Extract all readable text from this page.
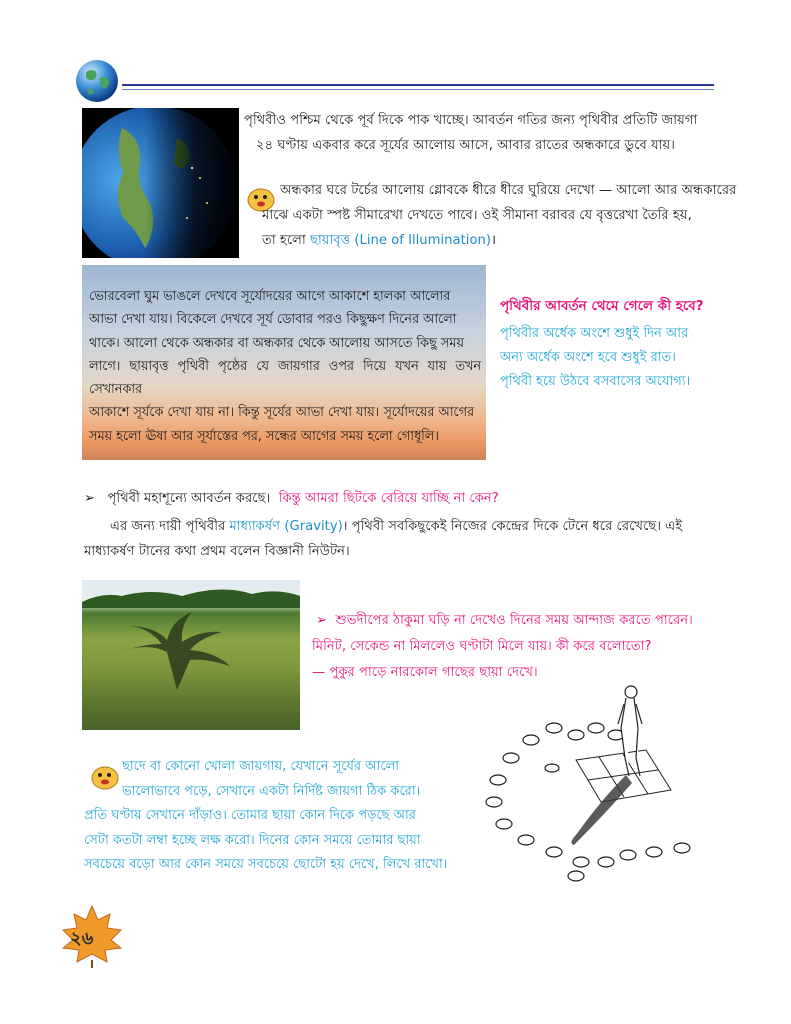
পৃথিবীও পশ্চিম থেকে পূর্ব দিকে পাক খাচ্ছে। আবর্তন গতির জন্য পৃথিবীর প্রতিটি জায়গা
২৪ ঘণ্টায় একবার করে সূর্যের আলোয় আসে, আবার রাতের অন্ধকারে ডুবে যায়।
অন্ধকার ঘরে টর্চের আলোয় গ্লোবকে ধীরে ধীরে ঘুরিয়ে দেখো — আলো আর অন্ধকারের
মাঝে একটা স্পষ্ট সীমারেখা দেখতে পাবে। ওই সীমানা বরাবর যে বৃত্তরেখা তৈরি হয়,
তা হলো ছায়াবৃত্ত (Line of Illumination)।
ভোরবেলা ঘুম ভাঙলে দেখবে সূর্যোদয়ের আগে আকাশে হালকা আলোর
আভা দেখা যায়। বিকেলে দেখবে সূর্য ডোবার পরও কিছুক্ষণ দিনের আলো
থাকে। আলো থেকে অন্ধকার বা অন্ধকার থেকে আলোয় আসতে কিছু সময়
লাগে। ছায়াবৃত্ত পৃথিবী পৃষ্ঠের যে জায়গার ওপর দিয়ে যখন যায় তখন সেখানকার
আকাশে সূর্যকে দেখা যায় না। কিন্তু সূর্যের আভা দেখা যায়। সূর্যোদয়ের আগের
সময় হলো ঊষা আর সূর্যাস্তের পর, সন্ধের আগের সময় হলো গোধূলি।
পৃথিবীর আবর্তন থেমে গেলে কী হবে?
পৃথিবীর অর্ধেক অংশে শুধুই দিন আর
অন্য অর্ধেক অংশে হবে শুধুই রাত।
পৃথিবী হয়ে উঠবে বসবাসের অযোগ্য।
➢ পৃথিবী মহাশূন্যে আবর্তন করছে। কিন্তু আমরা ছিটকে বেরিয়ে যাচ্ছি না কেন?
এর জন্য দায়ী পৃথিবীর মাধ্যাকর্ষণ (Gravity)। পৃথিবী সবকিছুকেই নিজের কেন্দ্রের দিকে টেনে ধরে রেখেছে। এই
মাধ্যাকর্ষণ টানের কথা প্রথম বলেন বিজ্ঞানী নিউটন।
➢ শুভদীপের ঠাকুমা ঘড়ি না দেখেও দিনের সময় আন্দাজ করতে পারেন।
মিনিট, সেকেন্ড না মিললেও ঘণ্টাটা মিলে যায়। কী করে বলোতো?
— পুকুর পাড়ে নারকোল গাছের ছায়া দেখে।
ছাদে বা কোনো খোলা জায়গায়, যেখানে সূর্যের আলো
ভালোভাবে পড়ে, সেখানে একটা নির্দিষ্ট জায়গা ঠিক করো।
প্রতি ঘণ্টায় সেখানে দাঁড়াও। তোমার ছায়া কোন দিকে পড়ছে আর
সেটা কতটা লম্বা হচ্ছে লক্ষ করো। দিনের কোন সময়ে তোমার ছায়া
সবচেয়ে বড়ো আর কোন সময়ে সবচেয়ে ছোটো হয় দেখে, লিখে রাখো।
২৬
